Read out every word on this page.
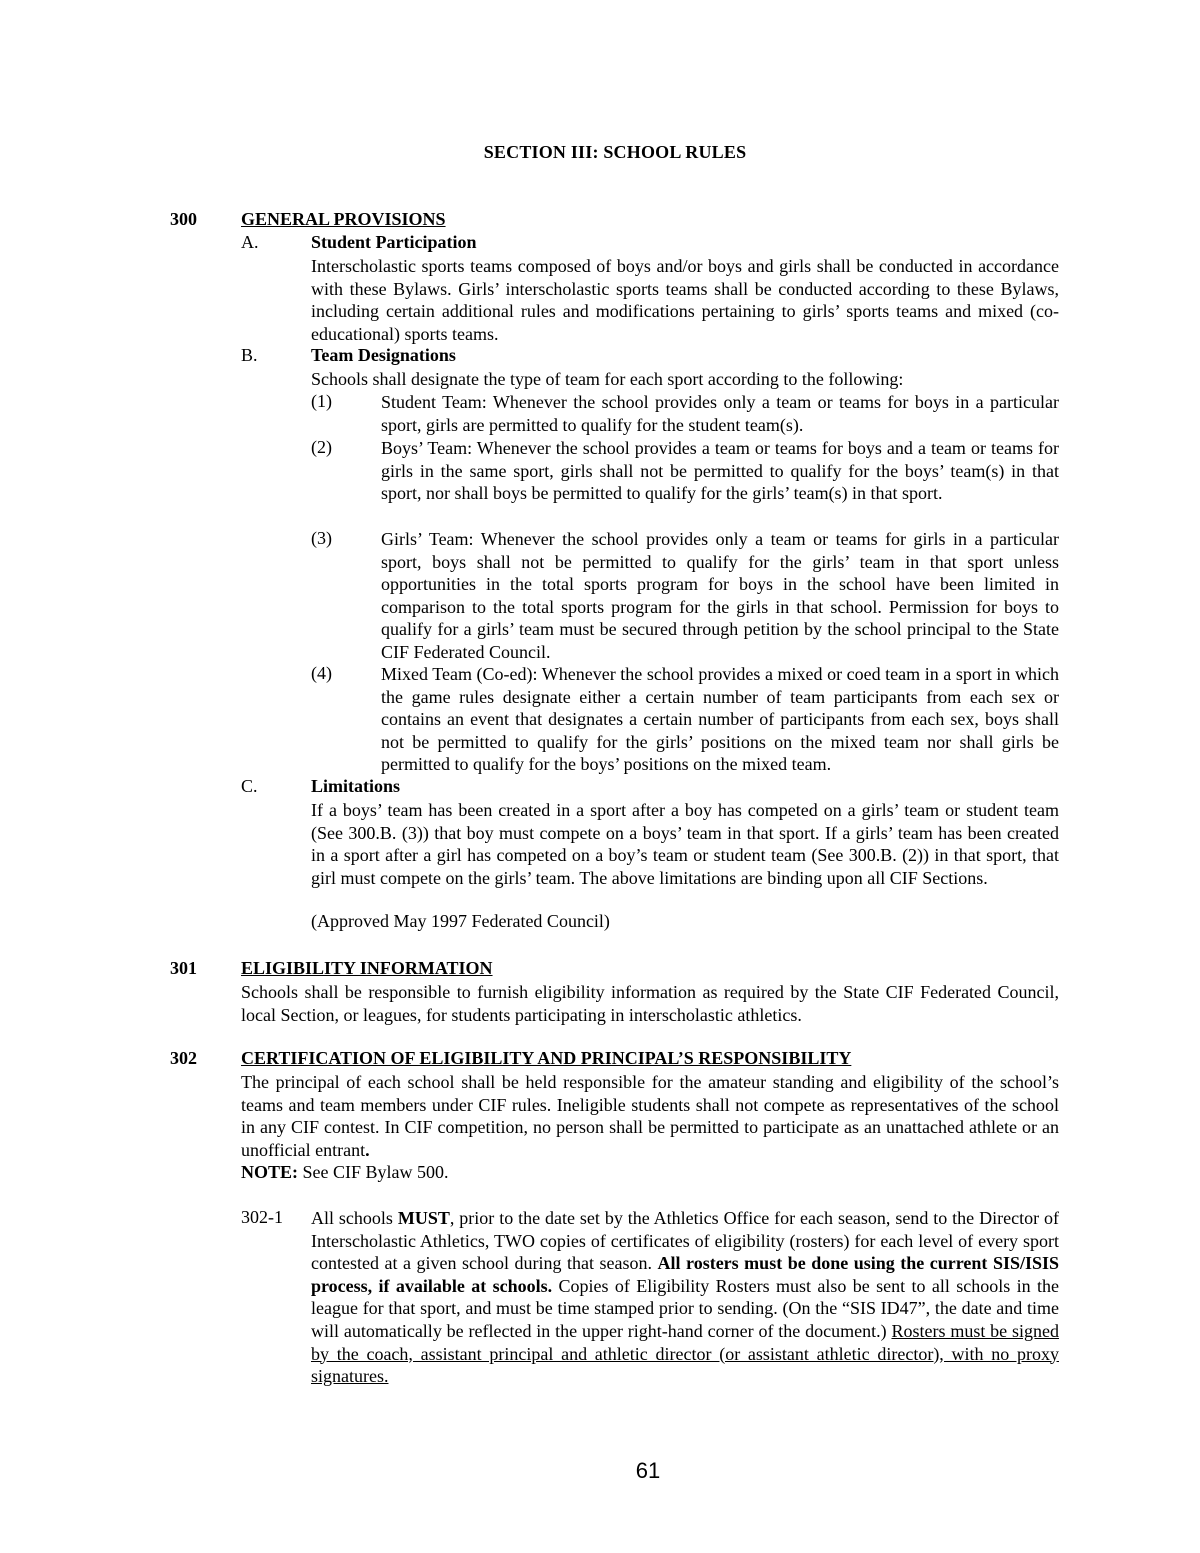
SECTION III: SCHOOL RULES
300 GENERAL PROVISIONS
A.	Student Participation
Interscholastic sports teams composed of boys and/or boys and girls shall be conducted in accordance with these Bylaws. Girls’ interscholastic sports teams shall be conducted according to these Bylaws, including certain additional rules and modifications pertaining to girls’ sports teams and mixed (co-educational) sports teams.
B.	Team Designations
Schools shall designate the type of team for each sport according to the following:
(1)	Student Team: Whenever the school provides only a team or teams for boys in a particular sport, girls are permitted to qualify for the student team(s).
(2)	Boys’ Team: Whenever the school provides a team or teams for boys and a team or teams for girls in the same sport, girls shall not be permitted to qualify for the boys’ team(s) in that sport, nor shall boys be permitted to qualify for the girls’ team(s) in that sport.
(3)	Girls’ Team: Whenever the school provides only a team or teams for girls in a particular sport, boys shall not be permitted to qualify for the girls’ team in that sport unless opportunities in the total sports program for boys in the school have been limited in comparison to the total sports program for the girls in that school. Permission for boys to qualify for a girls’ team must be secured through petition by the school principal to the State CIF Federated Council.
(4)	Mixed Team (Co-ed): Whenever the school provides a mixed or coed team in a sport in which the game rules designate either a certain number of team participants from each sex or contains an event that designates a certain number of participants from each sex, boys shall not be permitted to qualify for the girls’ positions on the mixed team nor shall girls be permitted to qualify for the boys’ positions on the mixed team.
C.	Limitations
If a boys’ team has been created in a sport after a boy has competed on a girls’ team or student team (See 300.B. (3)) that boy must compete on a boys’ team in that sport. If a girls’ team has been created in a sport after a girl has competed on a boy’s team or student team (See 300.B. (2)) in that sport, that girl must compete on the girls’ team. The above limitations are binding upon all CIF Sections.
(Approved May 1997 Federated Council)
301 ELIGIBILITY INFORMATION
Schools shall be responsible to furnish eligibility information as required by the State CIF Federated Council, local Section, or leagues, for students participating in interscholastic athletics.
302 CERTIFICATION OF ELIGIBILITY AND PRINCIPAL’S RESPONSIBILITY
The principal of each school shall be held responsible for the amateur standing and eligibility of the school’s teams and team members under CIF rules. Ineligible students shall not compete as representatives of the school in any CIF contest. In CIF competition, no person shall be permitted to participate as an unattached athlete or an unofficial entrant.
NOTE: See CIF Bylaw 500.
302-1 All schools MUST, prior to the date set by the Athletics Office for each season, send to the Director of Interscholastic Athletics, TWO copies of certificates of eligibility (rosters) for each level of every sport contested at a given school during that season. All rosters must be done using the current SIS/ISIS process, if available at schools. Copies of Eligibility Rosters must also be sent to all schools in the league for that sport, and must be time stamped prior to sending. (On the “SIS ID47”, the date and time will automatically be reflected in the upper right-hand corner of the document.) Rosters must be signed by the coach, assistant principal and athletic director (or assistant athletic director), with no proxy signatures.
61
